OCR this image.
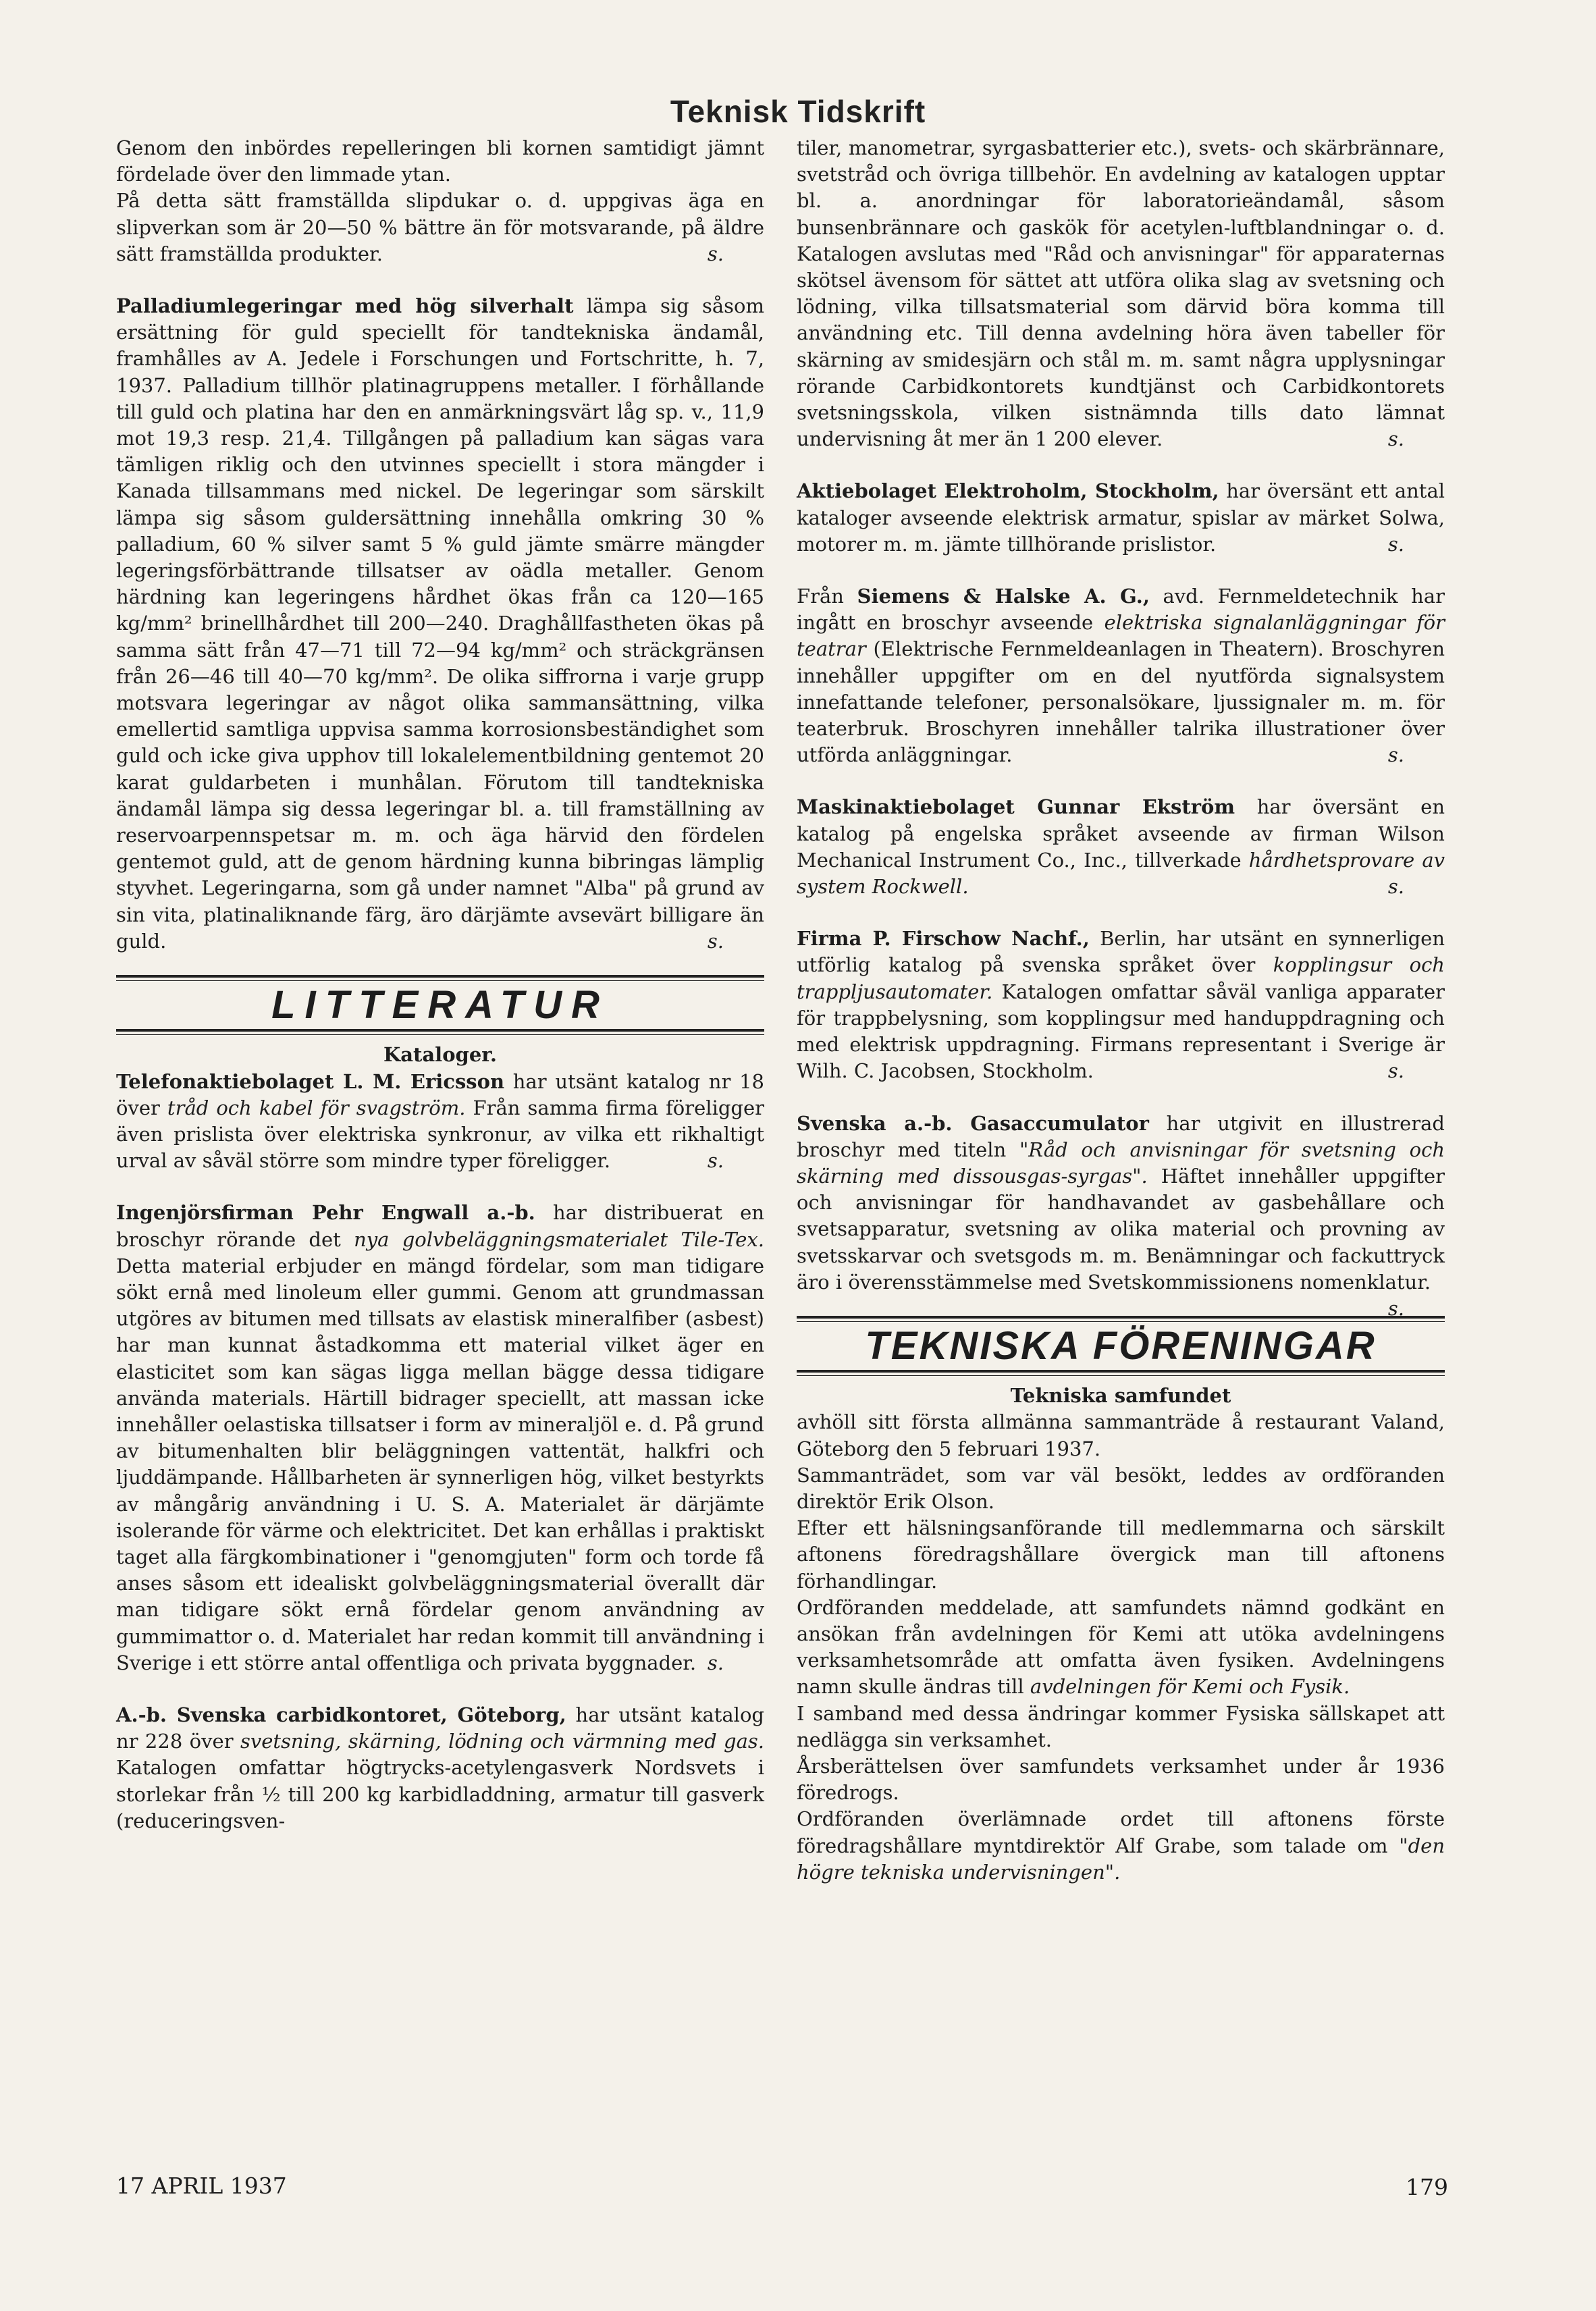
Teknisk Tidskrift

Genom den inbördes repelleringen bli kornen samtidigt jämnt fördelade över den limmade ytan.

På detta sätt framställda slipdukar o. d. uppgivas äga en slipverkan som är 20—50 % bättre än för motsvarande, på äldre sätt framställda produkter.	s.

Palladiumlegeringar med hög silverhalt lämpa sig såsom ersättning för guld speciellt för tandtekniska ändamål, framhålles av A. Jedele i Forschungen und Fortschritte, h. 7, 1937. Palladium tillhör platinagruppens metaller. I förhållande till guld och platina har den en anmärkningsvärt låg sp. v., 11,9 mot 19,3 resp. 21,4. Tillgången på palladium kan sägas vara tämligen riklig och den utvinnes speciellt i stora mängder i Kanada tillsammans med nickel. De legeringar som särskilt lämpa sig såsom guldersättning innehålla omkring 30 % palladium, 60 % silver samt 5 % guld jämte smärre mängder legeringsförbättrande tillsatser av oädla metaller. Genom härdning kan legeringens hårdhet ökas från ca 120—165 kg/mm² brinellhårdhet till 200—240. Draghållfastheten ökas på samma sätt från 47—71 till 72—94 kg/mm² och sträckgränsen från 26—46 till 40—70 kg/mm². De olika siffrorna i varje grupp motsvara legeringar av något olika sammansättning, vilka emellertid samtliga uppvisa samma korrosionsbeständighet som guld och icke giva upphov till lokalelementbildning gentemot 20 karat guldarbeten i munhålan. Förutom till tandtekniska ändamål lämpa sig dessa legeringar bl. a. till framställning av reservoarpennspetsar m. m. och äga härvid den fördelen gentemot guld, att de genom härdning kunna bibringas lämplig styvhet. Legeringarna, som gå under namnet "Alba" på grund av sin vita, platinaliknande färg, äro därjämte avsevärt billigare än guld.	s.

LITTERATUR

Kataloger.

Telefonaktiebolaget L. M. Ericsson har utsänt katalog nr 18 över tråd och kabel för svagström. Från samma firma föreligger även prislista över elektriska synkronur, av vilka ett rikhaltigt urval av såväl större som mindre typer föreligger.	s.

Ingenjörsfirman Pehr Engwall a.-b. har distribuerat en broschyr rörande det nya golvbeläggningsmaterialet Tile-Tex. Detta material erbjuder en mängd fördelar, som man tidigare sökt ernå med linoleum eller gummi. Genom att grundmassan utgöres av bitumen med tillsats av elastisk mineralfiber (asbest) har man kunnat åstadkomma ett material vilket äger en elasticitet som kan sägas ligga mellan bägge dessa tidigare använda materials. Härtill bidrager speciellt, att massan icke innehåller oelastiska tillsatser i form av mineraljöl e. d. På grund av bitumenhalten blir beläggningen vattentät, halkfri och ljuddämpande. Hållbarheten är synnerligen hög, vilket bestyrkts av mångårig användning i U. S. A. Materialet är därjämte isolerande för värme och elektricitet. Det kan erhållas i praktiskt taget alla färgkombinationer i "genomgjuten" form och torde få anses såsom ett idealiskt golvbeläggningsmaterial överallt där man tidigare sökt ernå fördelar genom användning av gummimattor o. d. Materialet har redan kommit till användning i Sverige i ett större antal offentliga och privata byggnader. s.

A.-b. Svenska carbidkontoret, Göteborg, har utsänt katalog nr 228 över svetsning, skärning, lödning och värmning med gas. Katalogen omfattar högtrycks-acetylengasverk Nordsvets i storlekar från ½ till 200 kg karbidladdning, armatur till gasverk (reduceringsven-

tiler, manometrar, syrgasbatterier etc.), svets- och skärbrännare, svetstråd och övriga tillbehör. En avdelning av katalogen upptar bl. a. anordningar för laboratorieändamål, såsom bunsenbrännare och gaskök för acetylen-luftblandningar o. d. Katalogen avslutas med "Råd och anvisningar" för apparaternas skötsel ävensom för sättet att utföra olika slag av svetsning och lödning, vilka tillsatsmaterial som därvid böra komma till användning etc. Till denna avdelning höra även tabeller för skärning av smidesjärn och stål m. m. samt några upplysningar rörande Carbidkontorets kundtjänst och Carbidkontorets svetsningsskola, vilken sistnämnda tills dato lämnat undervisning åt mer än 1 200 elever.	s.

Aktiebolaget Elektroholm, Stockholm, har översänt ett antal kataloger avseende elektrisk armatur, spislar av märket Solwa, motorer m. m. jämte tillhörande prislistor.	s.

Från Siemens & Halske A. G., avd. Fernmeldetechnik har ingått en broschyr avseende elektriska signalanläggningar för teatrar (Elektrische Fernmeldeanlagen in Theatern). Broschyren innehåller uppgifter om en del nyutförda signalsystem innefattande telefoner, personalsökare, ljussignaler m. m. för teaterbruk. Broschyren innehåller talrika illustrationer över utförda anläggningar.	s.

Maskinaktiebolaget Gunnar Ekström har översänt en katalog på engelska språket avseende av firman Wilson Mechanical Instrument Co., Inc., tillverkade hårdhetsprovare av system Rockwell.	s.

Firma P. Firschow Nachf., Berlin, har utsänt en synnerligen utförlig katalog på svenska språket över kopplingsur och trappljusautomater. Katalogen omfattar såväl vanliga apparater för trappbelysning, som kopplingsur med handuppdragning och med elektrisk uppdragning. Firmans representant i Sverige är Wilh. C. Jacobsen, Stockholm.	s.

Svenska a.-b. Gasaccumulator har utgivit en illustrerad broschyr med titeln "Råd och anvisningar för svetsning och skärning med dissousgas-syrgas". Häftet innehåller uppgifter och anvisningar för handhavandet av gasbehållare och svetsapparatur, svetsning av olika material och provning av svetsskarvar och svetsgods m. m. Benämningar och fackuttryck äro i överensstämmelse med Svetskommissionens nomenklatur.
s.

TEKNISKA FÖRENINGAR

Tekniska samfundet

avhöll sitt första allmänna sammanträde å restaurant Valand, Göteborg den 5 februari 1937.

Sammanträdet, som var väl besökt, leddes av ordföranden direktör Erik Olson.

Efter ett hälsningsanförande till medlemmarna och särskilt aftonens föredragshållare övergick man till aftonens förhandlingar.

Ordföranden meddelade, att samfundets nämnd godkänt en ansökan från avdelningen för Kemi att utöka avdelningens verksamhetsområde att omfatta även fysiken. Avdelningens namn skulle ändras till avdelningen för Kemi och Fysik.

I samband med dessa ändringar kommer Fysiska sällskapet att nedlägga sin verksamhet.

Årsberättelsen över samfundets verksamhet under år 1936 föredrogs.

Ordföranden överlämnade ordet till aftonens förste föredragshållare myntdirektör Alf Grabe, som talade om "den högre tekniska undervisningen".

17 APRIL 1937	179
